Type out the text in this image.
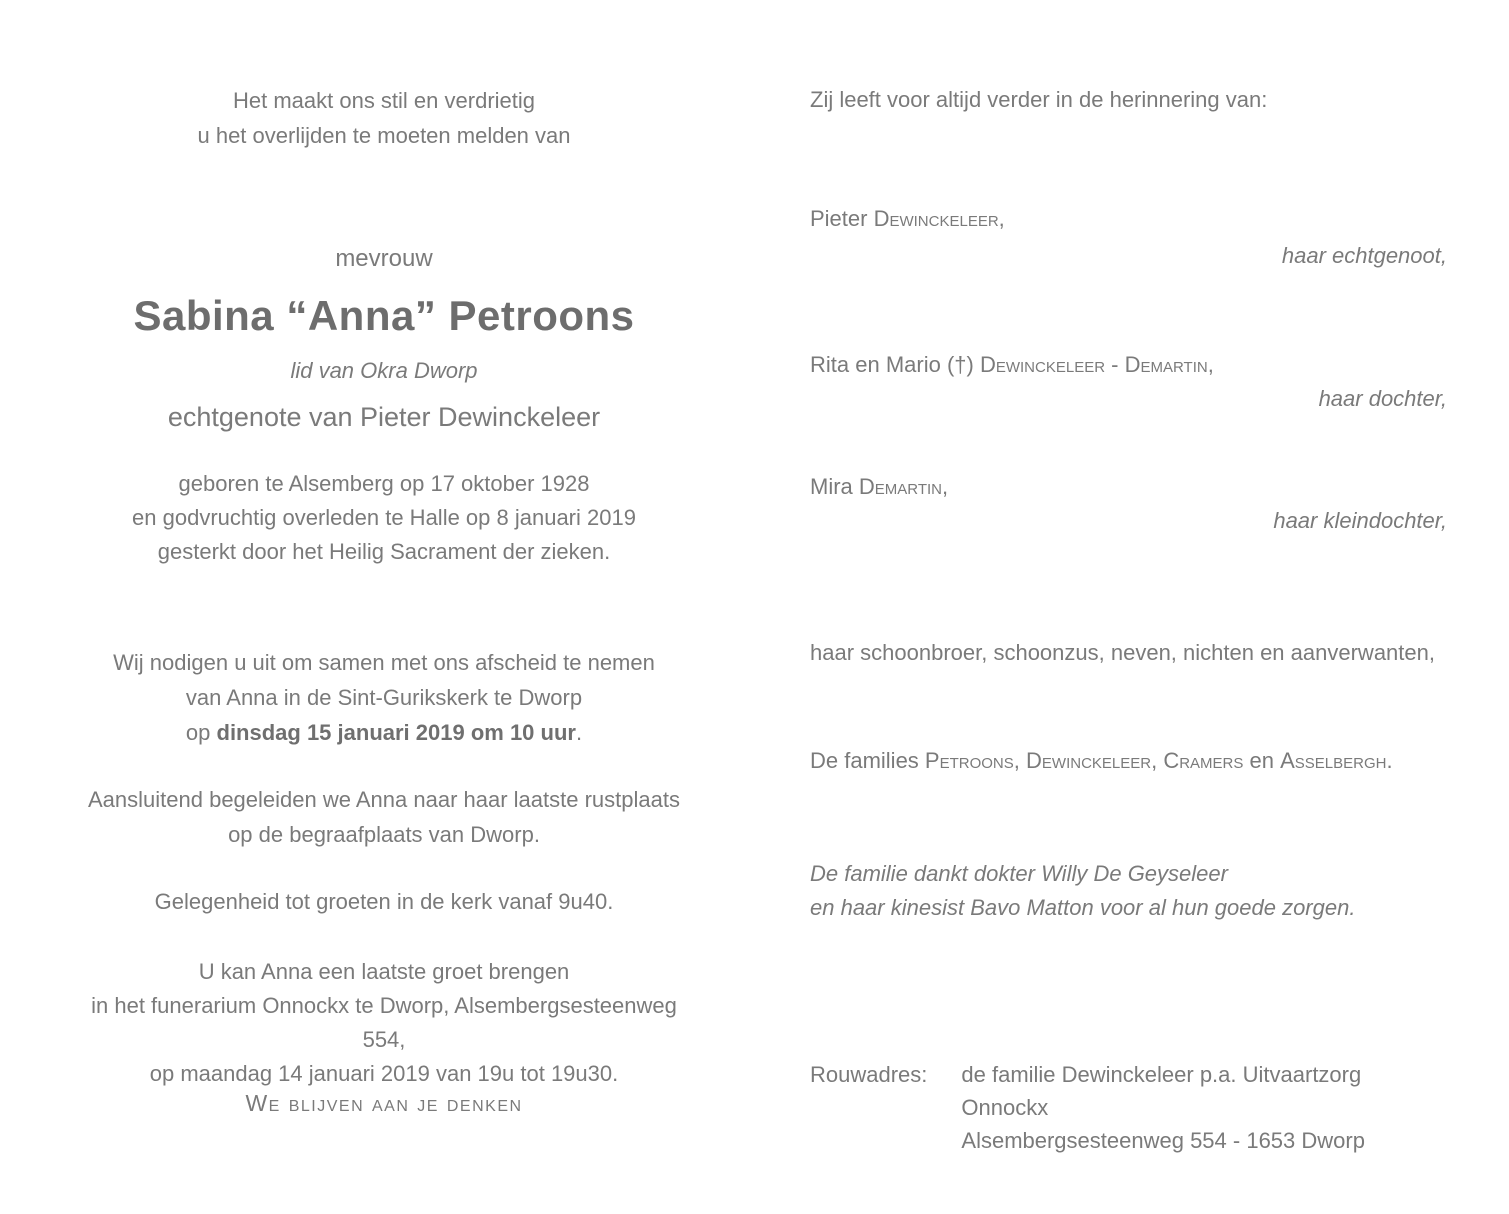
Het maakt ons stil en verdrietig
u het overlijden te moeten melden van
mevrouw
Sabina “Anna” Petroons
lid van Okra Dworp
echtgenote van Pieter Dewinckeleer
geboren te Alsemberg op 17 oktober 1928
en godvruchtig overleden te Halle op 8 januari 2019
gesterkt door het Heilig Sacrament der zieken.
Wij nodigen u uit om samen met ons afscheid te nemen
van Anna in de Sint-Gurikskerk te Dworp
op dinsdag 15 januari 2019 om 10 uur.
Aansluitend begeleiden we Anna naar haar laatste rustplaats
op de begraafplaats van Dworp.
Gelegenheid tot groeten in de kerk vanaf 9u40.
U kan Anna een laatste groet brengen
in het funerarium Onnockx te Dworp, Alsembergsesteenweg 554,
op maandag 14 januari 2019 van 19u tot 19u30.
We blijven aan je denken
Zij leeft voor altijd verder in de herinnering van:
Pieter Dewinckeleer,
haar echtgenoot,
Rita en Mario (†) Dewinckeleer - Demartin,
haar dochter,
Mira Demartin,
haar kleindochter,
haar schoonbroer, schoonzus, neven, nichten en aanverwanten,
De families Petroons, Dewinckeleer, Cramers en Asselbergh.
De familie dankt dokter Willy De Geyseleer
en haar kinesist Bavo Matton voor al hun goede zorgen.
Rouwadres: de familie Dewinckeleer p.a. Uitvaartzorg Onnockx
Alsembergsesteenweg 554 - 1653 Dworp
